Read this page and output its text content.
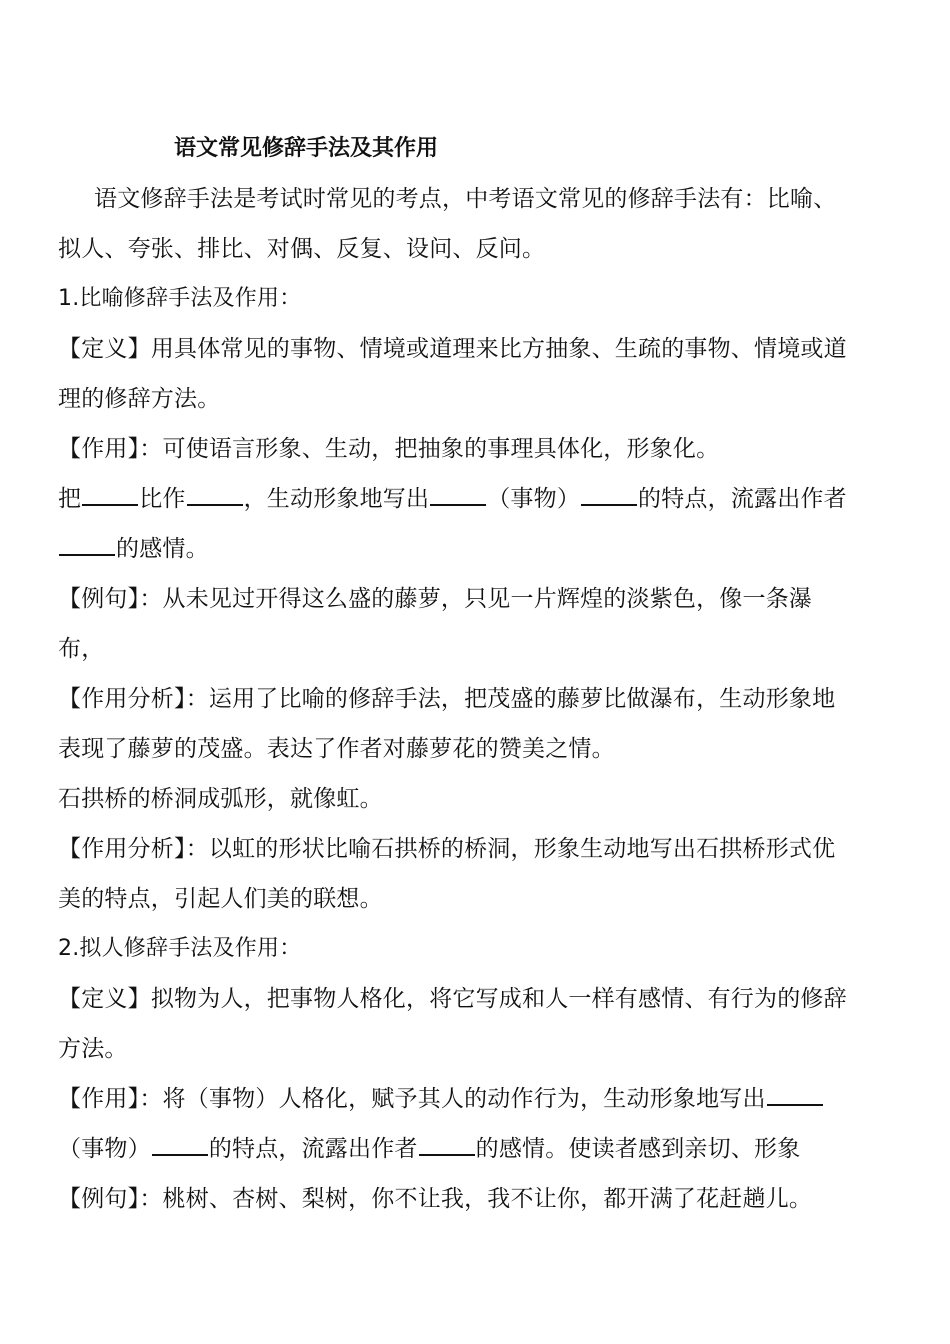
语文常见修辞手法及其作用

语文修辞手法是考试时常见的考点，中考语文常见的修辞手法有：比喻、拟人、夸张、排比、对偶、反复、设问、反问。

1.比喻修辞手法及作用：

【定义】用具体常见的事物、情境或道理来比方抽象、生疏的事物、情境或道理的修辞方法。

【作用】：可使语言形象、生动，把抽象的事理具体化，形象化。

把	比作	，生动形象地写出	（事物）	的特点，流露出作者的感情。

【例句】：从未见过开得这么盛的藤萝，只见一片辉煌的淡紫色，像一条瀑布，

【作用分析】：运用了比喻的修辞手法，把茂盛的藤萝比做瀑布，生动形象地表现了藤萝的茂盛。表达了作者对藤萝花的赞美之情。

石拱桥的桥洞成弧形，就像虹。

【作用分析】：以虹的形状比喻石拱桥的桥洞，形象生动地写出石拱桥形式优美的特点，引起人们美的联想。

2.拟人修辞手法及作用：

【定义】拟物为人，把事物人格化，将它写成和人一样有感情、有行为的修辞方法。

【作用】：将（事物）人格化，赋予其人的动作行为，生动形象地写出（事物）	的特点，流露出作者	的感情。使读者感到亲切、形象

【例句】：桃树、杏树、梨树，你不让我，我不让你，都开满了花赶趟儿。
